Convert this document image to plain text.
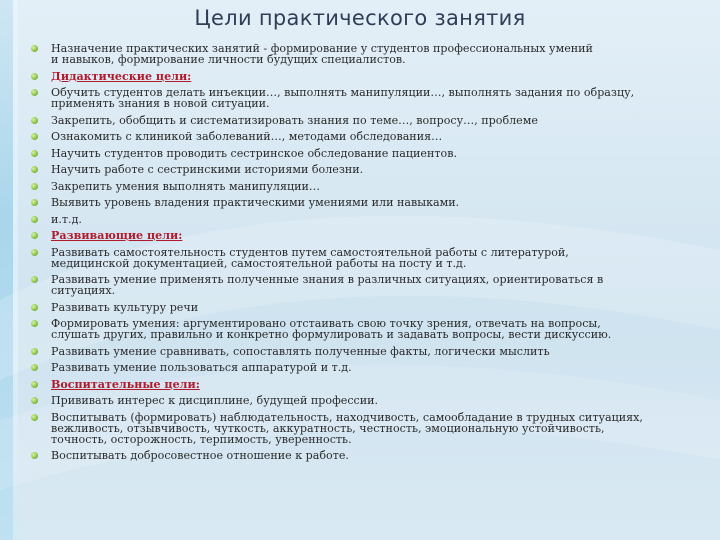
Цели практического занятия
Назначение практических занятий - формирование у студентов профессиональных умений
и навыков, формирование личности будущих специалистов.
Дидактические цели:
Обучить студентов делать инъекции…, выполнять манипуляции…, выполнять задания по образцу,
применять знания в новой ситуации.
Закрепить, обобщить и систематизировать знания по теме…, вопросу…, проблеме
Ознакомить с клиникой заболеваний…, методами обследования…
Научить студентов проводить сестринское обследование пациентов.
Научить работе с сестринскими историями болезни.
Закрепить умения выполнять манипуляции…
Выявить уровень владения практическими умениями или навыками.
и.т.д.
Развивающие цели:
Развивать самостоятельность студентов путем самостоятельной работы с литературой,
медицинской документацией, самостоятельной работы на посту и т.д.
Развивать умение применять полученные знания в различных ситуациях, ориентироваться в
ситуациях.
Развивать культуру речи
Формировать умения: аргументировано отстаивать свою точку зрения, отвечать на вопросы,
слушать других, правильно и конкретно формулировать и задавать вопросы, вести дискуссию.
Развивать умение сравнивать, сопоставлять полученные факты, логически мыслить
Развивать умение пользоваться аппаратурой и т.д.
Воспитательные цели:
Прививать интерес к дисциплине, будущей профессии.
Воспитывать (формировать) наблюдательность, находчивость, самообладание в трудных ситуациях,
вежливость, отзывчивость, чуткость, аккуратность, честность, эмоциональную устойчивость,
точность, осторожность, терпимость, уверенность.
Воспитывать добросовестное отношение к работе.
